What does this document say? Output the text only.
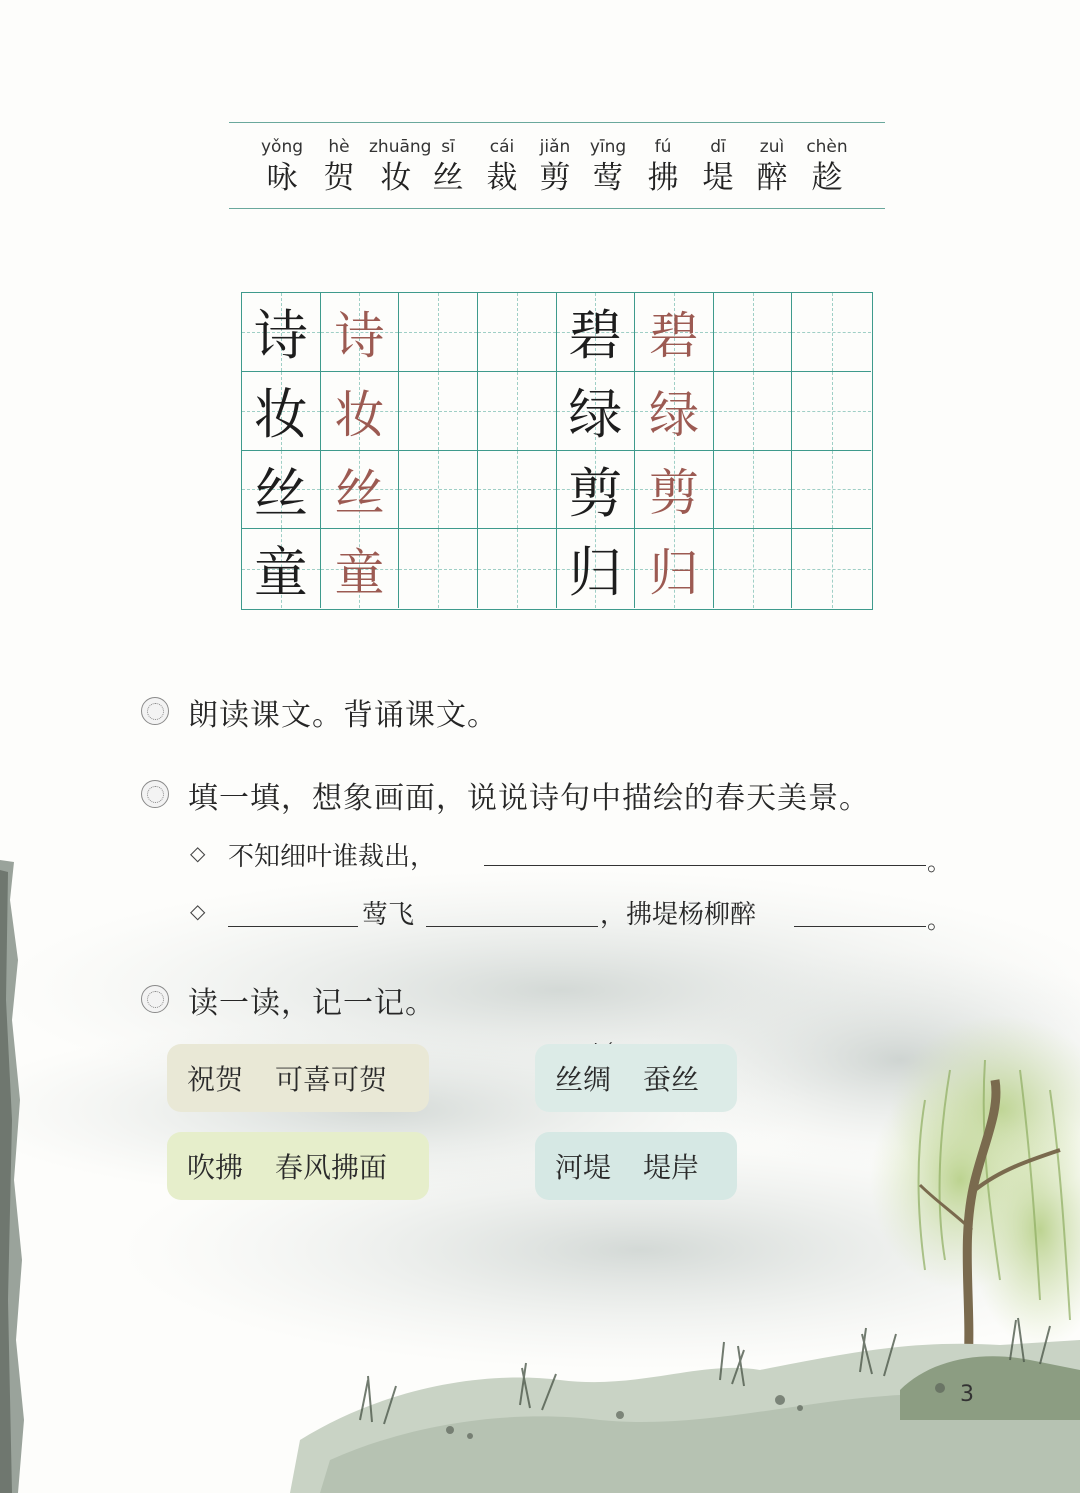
yǒng
咏
hè
贺
zhuāng
妆
sī
丝
cái
裁
jiǎn
剪
yīng
莺
fú
拂
dī
堤
zuì
醉
chèn
趁
诗 诗	碧 碧
妆 妆	绿 绿
丝 丝	剪 剪
童 童	归 归
朗读课文。背诵课文。
填一填，想象画面，说说诗句中描绘的春天美景。
◇ 不知细叶谁裁出，	。
◇	莺飞	，拂堤杨柳醉	。
读一读，记一记。
祝贺 可喜可贺	丝绸 蚕丝
吹拂 春风拂面	河堤 堤岸
3
